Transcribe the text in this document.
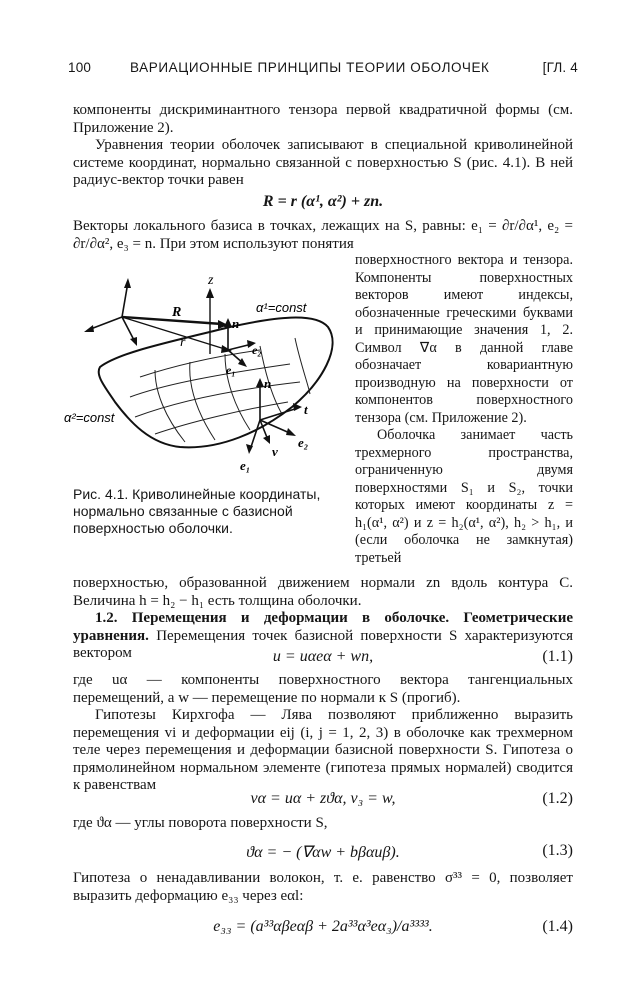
100	ВАРИАЦИОННЫЕ ПРИНЦИПЫ ТЕОРИИ ОБОЛОЧЕК	[ГЛ. 4

компоненты дискриминантного тензора первой квадратичной формы (см. Приложение 2).

Уравнения теории оболочек записывают в специальной криволинейной системе координат, нормально связанной с поверхностью S (рис. 4.1). В ней радиус-вектор точки равен

R = r (α¹, α²) + zn.

Векторы локального базиса в точках, лежащих на S, равны: e₁ = ∂r/∂α¹, e₂ = ∂r/∂α², e₃ = n. При этом используют понятия

z
R
r
n
α¹=const
α²=const
e₁
e₂
n
t
e₂
ν
e₁
Рис. 4.1. Криволинейные координаты, нормально связанные с базисной поверхностью оболочки.

поверхностного вектора и тензора. Компоненты поверхностных векторов имеют индексы, обозначенные греческими буквами и принимающие значения 1, 2. Символ ∇α в данной главе обозначает ковариантную производную на поверхности от компонентов поверхностного тензора (см. Приложение 2).

Оболочка занимает часть трехмерного пространства, ограниченную двумя поверхностями S₁ и S₂, точки которых имеют координаты z = h₁(α¹, α²) и z = h₂(α¹, α²), h₂ > h₁, и (если оболочка не замкнутая) третьей

поверхностью, образованной движением нормали zn вдоль контура C. Величина h = h₂ − h₁ есть толщина оболочки.

1.2. Перемещения и деформации в оболочке. Геометрические уравнения. Перемещения точек базисной поверхности S характеризуются вектором	u = uαeα + wn,	(1.1)

где uα — компоненты поверхностного вектора тангенциальных перемещений, а w — перемещение по нормали к S (прогиб).

Гипотезы Кирхгофа — Лява позволяют приближенно выразить перемещения vi и деформации eij (i, j = 1, 2, 3) в оболочке как трехмерном теле через перемещения и деформации базисной поверхности S. Гипотеза о прямолинейном нормальном элементе (гипотеза прямых нормалей) сводится к равенствам

vα = uα + zϑα, v₃ = w,	(1.2)

где ϑα — углы поворота поверхности S,

ϑα = − (∇αw + bβαuβ).	(1.3)

Гипотеза о ненадавливании волокон, т. е. равенство σ³³ = 0, позволяет выразить деформацию e₃₃ через eαl:

e₃₃ = (a³³αβeαβ + 2a³³α³eα₃)/a³³³³.	(1.4)
